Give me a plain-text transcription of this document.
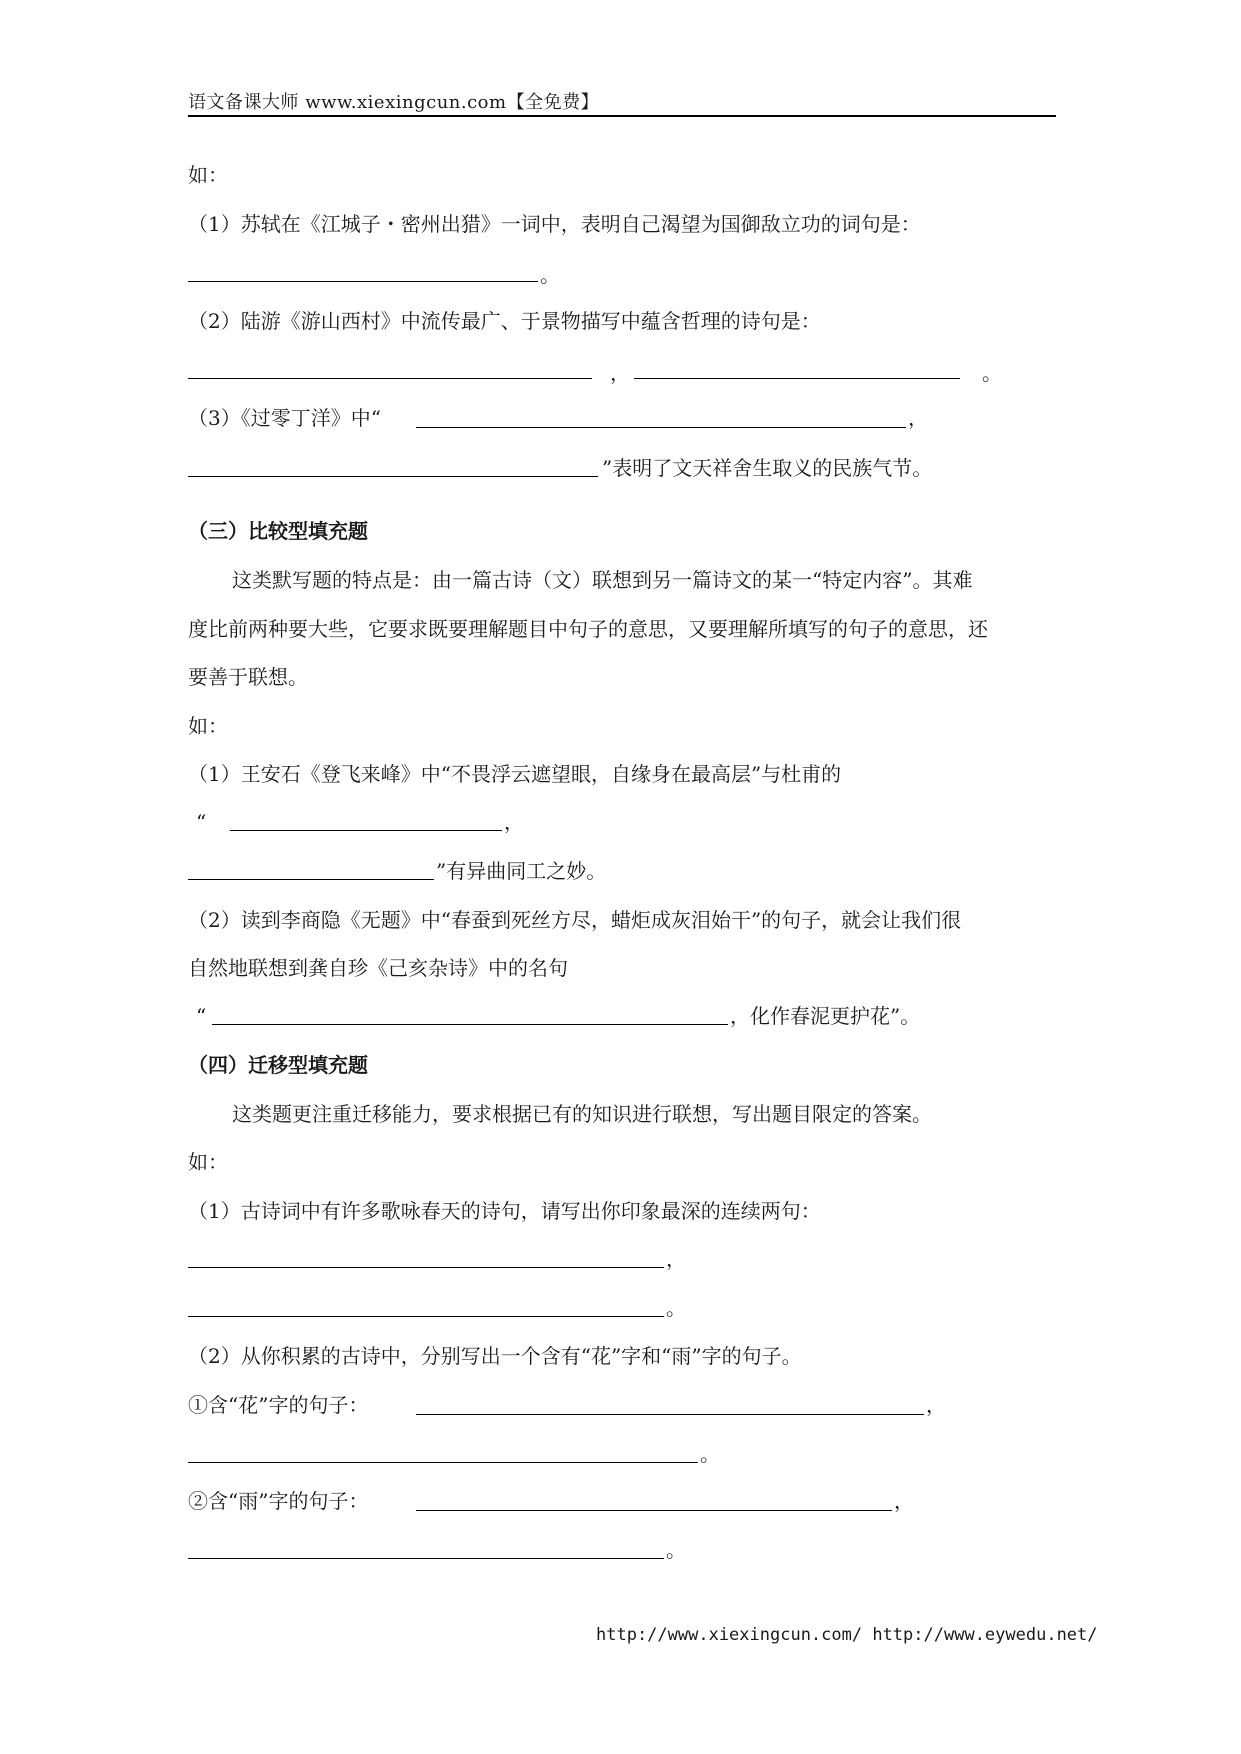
语文备课大师 www.xiexingcun.com【全免费】
如：
（1）苏轼在《江城子・密州出猎》一词中，表明自己渴望为国御敌立功的词句是：
。
（2）陆游《游山西村》中流传最广、于景物描写中蕴含哲理的诗句是：
，	。
（3）《过零丁洋》中“	，
”表明了文天祥舍生取义的民族气节。
（三）比较型填充题
这类默写题的特点是：由一篇古诗（文）联想到另一篇诗文的某一“特定内容”。其难
度比前两种要大些，它要求既要理解题目中句子的意思，又要理解所填写的句子的意思，还
要善于联想。
如：
（1）王安石《登飞来峰》中“不畏浮云遮望眼，自缘身在最高层”与杜甫的
“	，
”有异曲同工之妙。
（2）读到李商隐《无题》中“春蚕到死丝方尽，蜡炬成灰泪始干”的句子，就会让我们很
自然地联想到龚自珍《己亥杂诗》中的名句
“	，化作春泥更护花”。
（四）迁移型填充题
这类题更注重迁移能力，要求根据已有的知识进行联想，写出题目限定的答案。
如：
（1）古诗词中有许多歌咏春天的诗句，请写出你印象最深的连续两句：
，
。
（2）从你积累的古诗中，分别写出一个含有“花”字和“雨”字的句子。
①含“花”字的句子：	，
。
②含“雨”字的句子：	，
。
http://www.xiexingcun.com/ http://www.eywedu.net/
